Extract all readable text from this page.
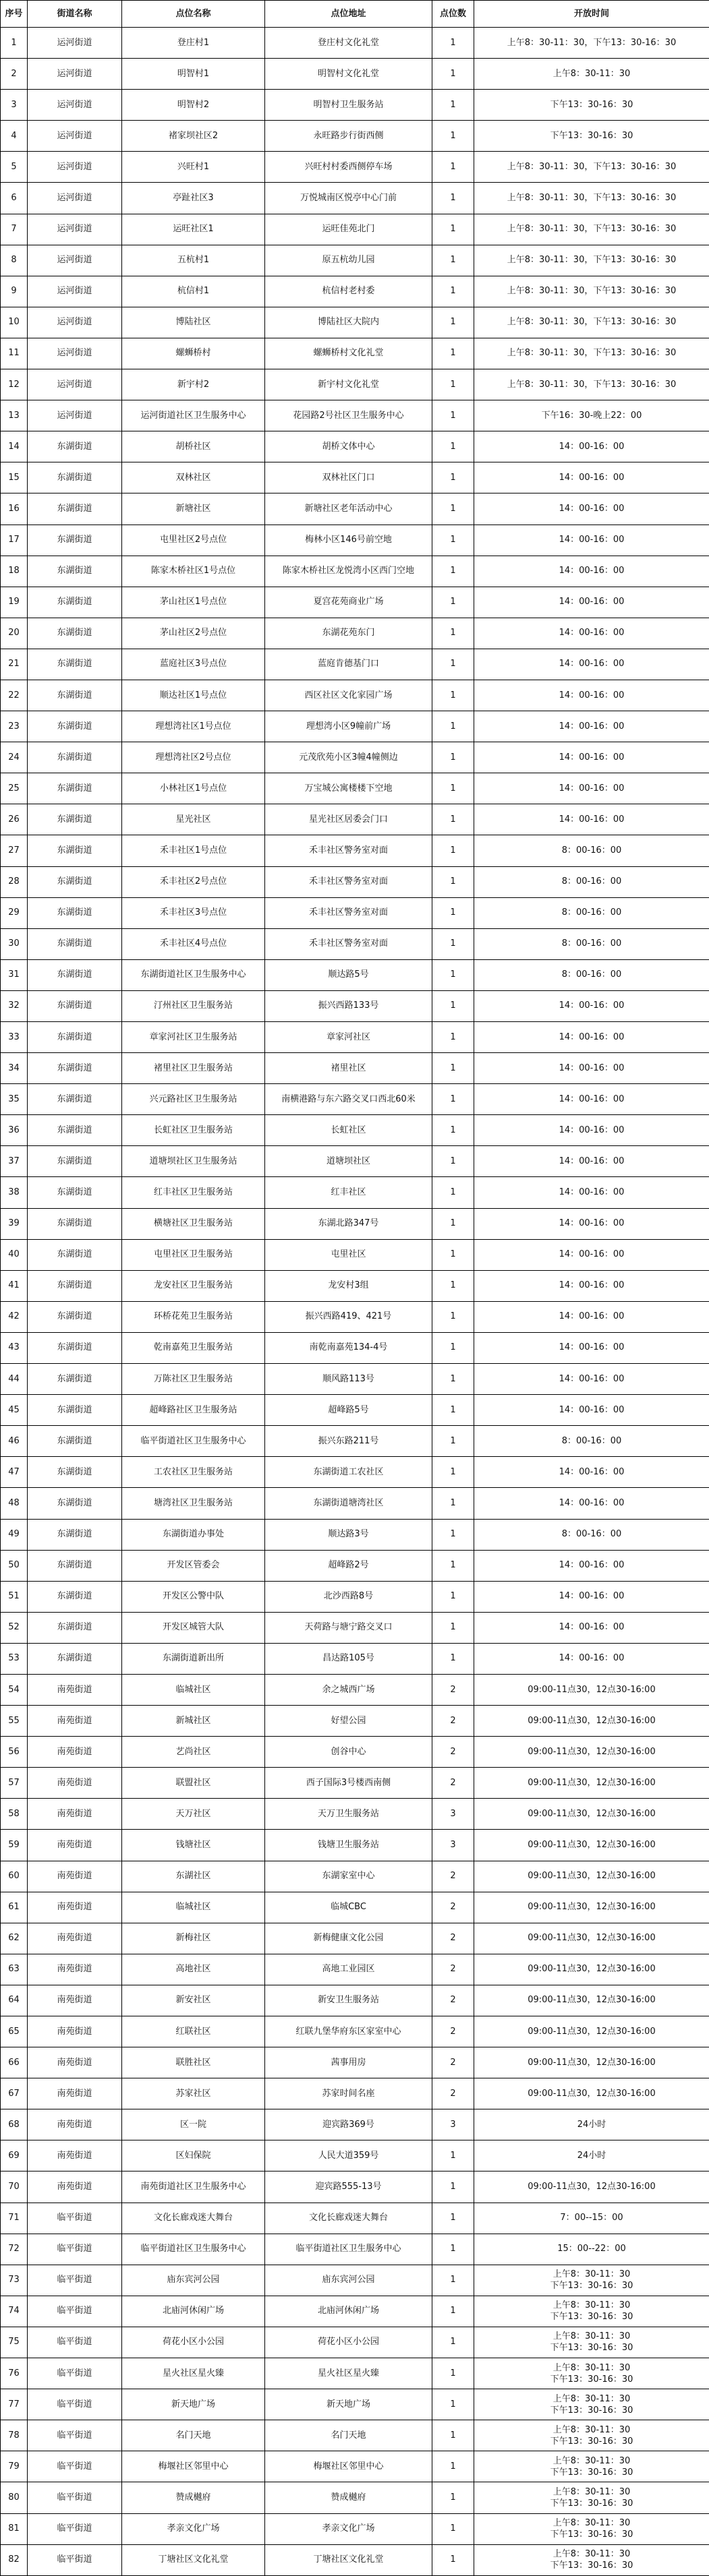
序号	街道名称	点位名称	点位地址	点位数	开放时间
1	运河街道	登庄村1	登庄村文化礼堂	1	上午8：30-11：30，下午13：30-16：30
2	运河街道	明智村1	明智村文化礼堂	1	上午8：30-11：30
3	运河街道	明智村2	明智村卫生服务站	1	下午13：30-16：30
4	运河街道	褚家坝社区2	永旺路步行街西侧	1	下午13：30-16：30
5	运河街道	兴旺村1	兴旺村村委西侧停车场	1	上午8：30-11：30，下午13：30-16：30
6	运河街道	亭趾社区3	万悦城南区悦亭中心门前	1	上午8：30-11：30，下午13：30-16：30
7	运河街道	运旺社区1	运旺佳苑北门	1	上午8：30-11：30，下午13：30-16：30
8	运河街道	五杭村1	原五杭幼儿园	1	上午8：30-11：30，下午13：30-16：30
9	运河街道	杭信村1	杭信村老村委	1	上午8：30-11：30，下午13：30-16：30
10	运河街道	博陆社区	博陆社区大院内	1	上午8：30-11：30，下午13：30-16：30
11	运河街道	螺蛳桥村	螺蛳桥村文化礼堂	1	上午8：30-11：30，下午13：30-16：30
12	运河街道	新宇村2	新宇村文化礼堂	1	上午8：30-11：30，下午13：30-16：30
13	运河街道	运河街道社区卫生服务中心	花园路2号社区卫生服务中心	1	下午16：30-晚上22：00
14	东湖街道	胡桥社区	胡桥文体中心	1	14：00-16：00
15	东湖街道	双林社区	双林社区门口	1	14：00-16：00
16	东湖街道	新塘社区	新塘社区老年活动中心	1	14：00-16：00
17	东湖街道	屯里社区2号点位	梅林小区146号前空地	1	14：00-16：00
18	东湖街道	陈家木桥社区1号点位	陈家木桥社区龙悦湾小区西门空地	1	14：00-16：00
19	东湖街道	茅山社区1号点位	夏宫花苑商业广场	1	14：00-16：00
20	东湖街道	茅山社区2号点位	东湖花苑东门	1	14：00-16：00
21	东湖街道	蓝庭社区3号点位	蓝庭肯德基门口	1	14：00-16：00
22	东湖街道	顺达社区1号点位	西区社区文化家园广场	1	14：00-16：00
23	东湖街道	理想湾社区1号点位	理想湾小区9幢前广场	1	14：00-16：00
24	东湖街道	理想湾社区2号点位	元茂欣苑小区3幢4幢侧边	1	14：00-16：00
25	东湖街道	小林社区1号点位	万宝城公寓楼楼下空地	1	14：00-16：00
26	东湖街道	星光社区	星光社区居委会门口	1	14：00-16：00
27	东湖街道	禾丰社区1号点位	禾丰社区警务室对面	1	8：00-16：00
28	东湖街道	禾丰社区2号点位	禾丰社区警务室对面	1	8：00-16：00
29	东湖街道	禾丰社区3号点位	禾丰社区警务室对面	1	8：00-16：00
30	东湖街道	禾丰社区4号点位	禾丰社区警务室对面	1	8：00-16：00
31	东湖街道	东湖街道社区卫生服务中心	顺达路5号	1	8：00-16：00
32	东湖街道	汀州社区卫生服务站	振兴西路133号	1	14：00-16：00
33	东湖街道	章家河社区卫生服务站	章家河社区	1	14：00-16：00
34	东湖街道	褚里社区卫生服务站	褚里社区	1	14：00-16：00
35	东湖街道	兴元路社区卫生服务站	南横港路与东六路交叉口西北60米	1	14：00-16：00
36	东湖街道	长虹社区卫生服务站	长虹社区	1	14：00-16：00
37	东湖街道	道塘坝社区卫生服务站	道塘坝社区	1	14：00-16：00
38	东湖街道	红丰社区卫生服务站	红丰社区	1	14：00-16：00
39	东湖街道	横塘社区卫生服务站	东湖北路347号	1	14：00-16：00
40	东湖街道	屯里社区卫生服务站	屯里社区	1	14：00-16：00
41	东湖街道	龙安社区卫生服务站	龙安村3组	1	14：00-16：00
42	东湖街道	环桥花苑卫生服务站	振兴西路419、421号	1	14：00-16：00
43	东湖街道	乾南嘉苑卫生服务站	南乾南嘉苑134-4号	1	14：00-16：00
44	东湖街道	万陈社区卫生服务站	顺风路113号	1	14：00-16：00
45	东湖街道	超峰路社区卫生服务站	超峰路5号	1	14：00-16：00
46	东湖街道	临平街道社区卫生服务中心	振兴东路211号	1	8：00-16：00
47	东湖街道	工农社区卫生服务站	东湖街道工农社区	1	14：00-16：00
48	东湖街道	塘湾社区卫生服务站	东湖街道塘湾社区	1	14：00-16：00
49	东湖街道	东湖街道办事处	顺达路3号	1	8：00-16：00
50	东湖街道	开发区管委会	超峰路2号	1	14：00-16：00
51	东湖街道	开发区公警中队	北沙西路8号	1	14：00-16：00
52	东湖街道	开发区城管大队	天荷路与塘宁路交叉口	1	14：00-16：00
53	东湖街道	东湖街道新出所	昌达路105号	1	14：00-16：00
54	南苑街道	临城社区	余之城西广场	2	09:00-11点30，12点30-16:00
55	南苑街道	新城社区	好望公园	2	09:00-11点30，12点30-16:00
56	南苑街道	艺尚社区	创谷中心	2	09:00-11点30，12点30-16:00
57	南苑街道	联盟社区	西子国际3号楼西南侧	2	09:00-11点30，12点30-16:00
58	南苑街道	天万社区	天万卫生服务站	3	09:00-11点30，12点30-16:00
59	南苑街道	钱塘社区	钱塘卫生服务站	3	09:00-11点30，12点30-16:00
60	南苑街道	东湖社区	东湖家室中心	2	09:00-11点30，12点30-16:00
61	南苑街道	临城社区	临城CBC	2	09:00-11点30，12点30-16:00
62	南苑街道	新梅社区	新梅健康文化公园	2	09:00-11点30，12点30-16:00
63	南苑街道	高地社区	高地工业园区	2	09:00-11点30，12点30-16:00
64	南苑街道	新安社区	新安卫生服务站	2	09:00-11点30，12点30-16:00
65	南苑街道	红联社区	红联九堡华府东区家室中心	2	09:00-11点30，12点30-16:00
66	南苑街道	联胜社区	茜事用房	2	09:00-11点30，12点30-16:00
67	南苑街道	苏家社区	苏家时间名座	2	09:00-11点30，12点30-16:00
68	南苑街道	区一院	迎宾路369号	3	24小时
69	南苑街道	区妇保院	人民大道359号	1	24小时
70	南苑街道	南苑街道社区卫生服务中心	迎宾路555-13号	1	09:00-11点30，12点30-16:00
71	临平街道	文化长廊戏迷大舞台	文化长廊戏迷大舞台	1	7：00--15：00
72	临平街道	临平街道社区卫生服务中心	临平街道社区卫生服务中心	1	15：00--22：00
73	临平街道	庙东宾河公园	庙东宾河公园	1	上午8：30-11：30
下午13：30-16：30
74	临平街道	北庙河休闲广场	北庙河休闲广场	1	上午8：30-11：30
下午13：30-16：30
75	临平街道	荷花小区小公园	荷花小区小公园	1	上午8：30-11：30
下午13：30-16：30
76	临平街道	星火社区星火臻	星火社区星火臻	1	上午8：30-11：30
下午13：30-16：30
77	临平街道	新天地广场	新天地广场	1	上午8：30-11：30
下午13：30-16：30
78	临平街道	名门天地	名门天地	1	上午8：30-11：30
下午13：30-16：30
79	临平街道	梅堰社区邻里中心	梅堰社区邻里中心	1	上午8：30-11：30
下午13：30-16：30
80	临平街道	赞成樾府	赞成樾府	1	上午8：30-11：30
下午13：30-16：30
81	临平街道	孝亲文化广场	孝亲文化广场	1	上午8：30-11：30
下午13：30-16：30
82	临平街道	丁塘社区文化礼堂	丁塘社区文化礼堂	1	上午8：30-11：30
下午13：30-16：30
